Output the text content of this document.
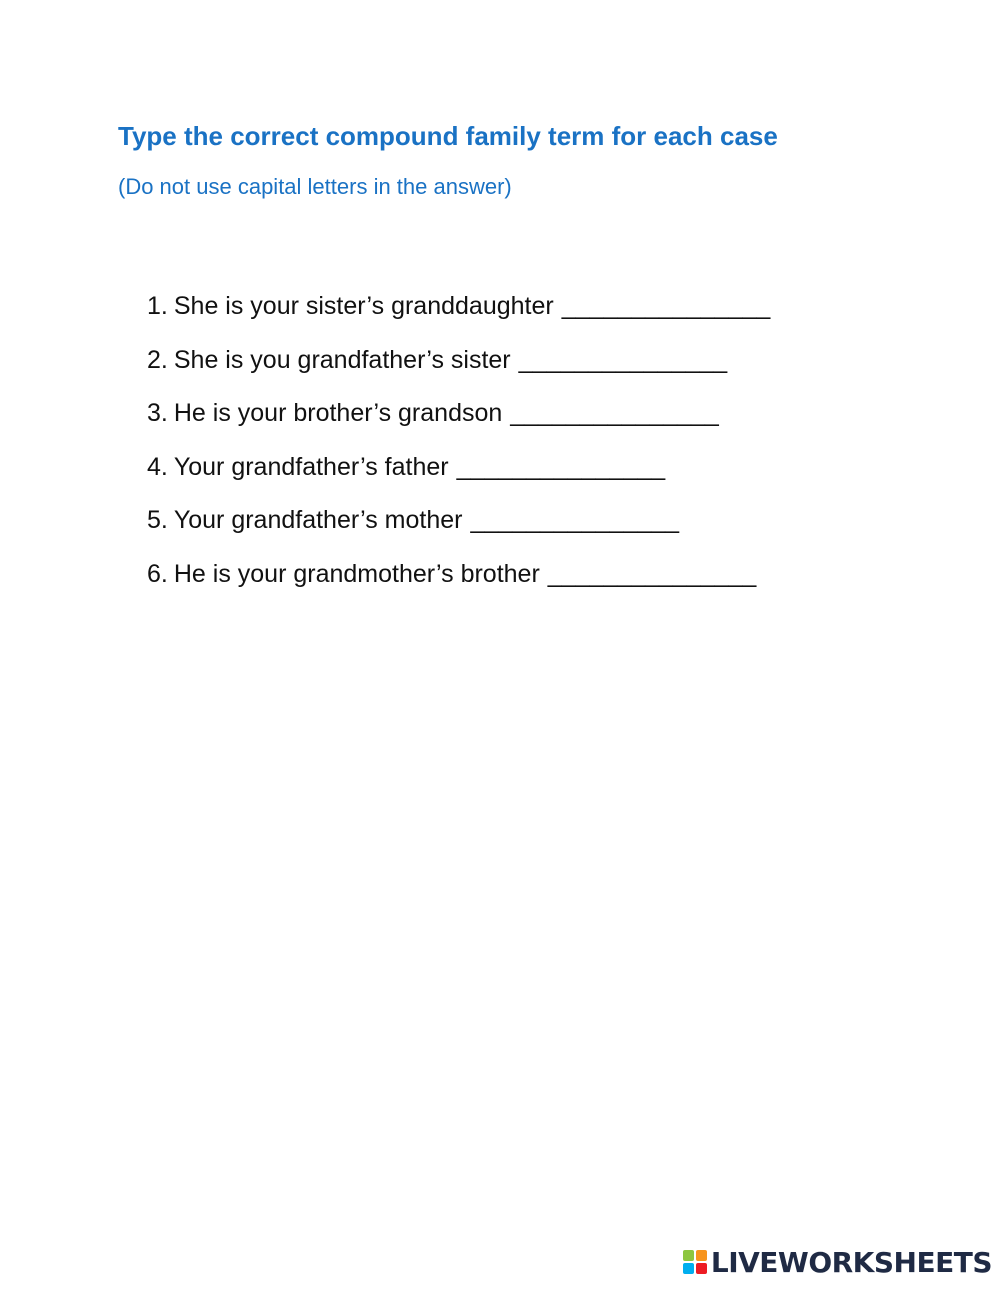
Type the correct compound family term for each case

(Do not use capital letters in the answer)

1. She is your sister’s granddaughter _______________
2. She is you grandfather’s sister _______________
3. He is your brother’s grandson _______________
4. Your grandfather’s father _______________
5. Your grandfather’s mother _______________
6. He is your grandmother’s brother _______________
LIVEWORKSHEETS
